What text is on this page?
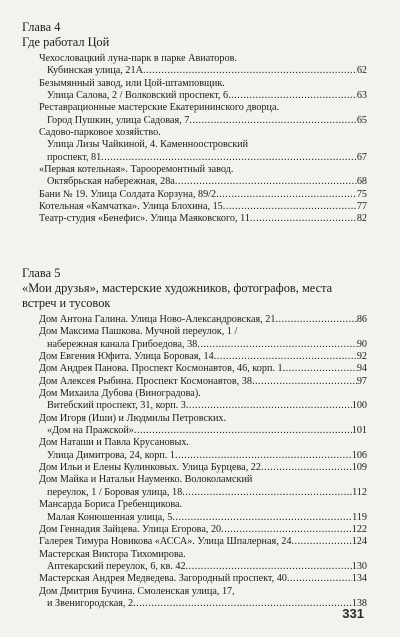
Глава 4
Где работал Цой
Чехословацкий луна-парк в парке Авиаторов.
Кубинская улица, 21А .....	62
Безымянный завод, или Цой-штамповщик.
Улица Салова, 2 / Волковский проспект, 6 .....	63
Реставрационные мастерские Екатерининского дворца.
Город Пушкин, улица Садовая, 7 .....	65
Садово-парковое хозяйство.
Улица Лизы Чайкиной, 4. Каменноостровский
проспект, 81 .....	67
«Первая котельная». Тарооремонтный завод.
Октябрьская набережная, 28а .....	68
Бани № 19. Улица Солдата Корзуна, 89/2 .....	75
Котельная «Камчатка». Улица Блохина, 15 .....	77
Театр-студия «Бенефис». Улица Маяковского, 11 .....	82
Глава 5
«Мои друзья», мастерские художников, фотографов, места встреч и тусовок
Дом Антона Галина. Улица Ново-Александровская, 21 .....	86
Дом Максима Пашкова. Мучной переулок, 1 /
набережная канала Грибоедова, 38 .....	90
Дом Евгения Юфита. Улица Боровая, 14 .....	92
Дом Андрея Панова. Проспект Космонавтов, 46, корп. 1 .....	94
Дом Алексея Рыбина. Проспект Космонавтов, 38 .....	97
Дом Михаила Дубова (Виноградова).
Витебский проспект, 31, корп. 3 .....	100
Дом Игоря (Иши) и Людмилы Петровских.
«Дом на Пражской» .....	101
Дом Наташи и Павла Крусановых.
Улица Димитрова, 24, корп. 1 .....	106
Дом Ильи и Елены Кулинковых. Улица Бурцева, 22 .....	109
Дом Майка и Натальи Науменко. Волоколамский
переулок, 1 / Боровая улица, 18 .....	112
Мансарда Бориса Гребенщикова.
Малая Конюшенная улица, 5 .....	119
Дом Геннадия Зайцева. Улица Егорова, 20 .....	122
Галерея Тимура Новикова «АССА». Улица Шпалерная, 24 .....	124
Мастерская Виктора Тихомирова.
Аптекарский переулок, 6, кв. 42 .....	130
Мастерская Андрея Медведева. Загородный проспект, 40 .....	134
Дом Дмитрия Бучина. Смоленская улица, 17,
и Звенигородская, 2 .....	138
331
